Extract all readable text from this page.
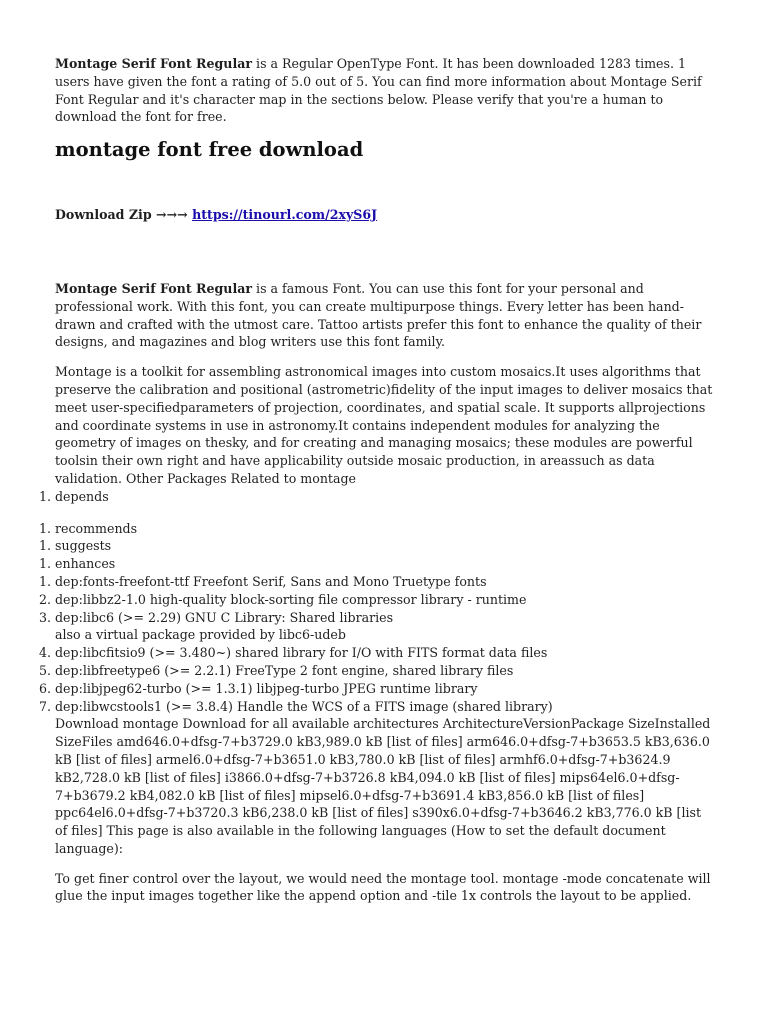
Montage Serif Font Regular is a Regular OpenType Font. It has been downloaded 1283 times. 1 users have given the font a rating of 5.0 out of 5. You can find more information about Montage Serif Font Regular and it's character map in the sections below. Please verify that you're a human to download the font for free.

montage font free download

Download Zip →→→ https://tinourl.com/2xyS6J

Montage Serif Font Regular is a famous Font. You can use this font for your personal and professional work. With this font, you can create multipurpose things. Every letter has been hand-drawn and crafted with the utmost care. Tattoo artists prefer this font to enhance the quality of their designs, and magazines and blog writers use this font family.

Montage is a toolkit for assembling astronomical images into custom mosaics.It uses algorithms that preserve the calibration and positional (astrometric)fidelity of the input images to deliver mosaics that meet user-specifiedparameters of projection, coordinates, and spatial scale. It supports allprojections and coordinate systems in use in astronomy.It contains independent modules for analyzing the geometry of images on thesky, and for creating and managing mosaics; these modules are powerful toolsin their own right and have applicability outside mosaic production, in areassuch as data validation. Other Packages Related to montage

1. depends
1. recommends
1. suggests
1. enhances
1. dep:fonts-freefont-ttf Freefont Serif, Sans and Mono Truetype fonts
2. dep:libbz2-1.0 high-quality block-sorting file compressor library - runtime
3. dep:libc6 (>= 2.29) GNU C Library: Shared libraries
also a virtual package provided by libc6-udeb
4. dep:libcfitsio9 (>= 3.480~) shared library for I/O with FITS format data files
5. dep:libfreetype6 (>= 2.2.1) FreeType 2 font engine, shared library files
6. dep:libjpeg62-turbo (>= 1.3.1) libjpeg-turbo JPEG runtime library
7. dep:libwcstools1 (>= 3.8.4) Handle the WCS of a FITS image (shared library)
Download montage Download for all available architectures ArchitectureVersionPackage SizeInstalled SizeFiles amd646.0+dfsg-7+b3729.0 kB3,989.0 kB [list of files] arm646.0+dfsg-7+b3653.5 kB3,636.0 kB [list of files] armel6.0+dfsg-7+b3651.0 kB3,780.0 kB [list of files] armhf6.0+dfsg-7+b3624.9 kB2,728.0 kB [list of files] i3866.0+dfsg-7+b3726.8 kB4,094.0 kB [list of files] mips64el6.0+dfsg-7+b3679.2 kB4,082.0 kB [list of files] mipsel6.0+dfsg-7+b3691.4 kB3,856.0 kB [list of files] ppc64el6.0+dfsg-7+b3720.3 kB6,238.0 kB [list of files] s390x6.0+dfsg-7+b3646.2 kB3,776.0 kB [list of files] This page is also available in the following languages (How to set the default document language):

To get finer control over the layout, we would need the montage tool. montage -mode concatenate will glue the input images together like the append option and -tile 1x controls the layout to be applied.
